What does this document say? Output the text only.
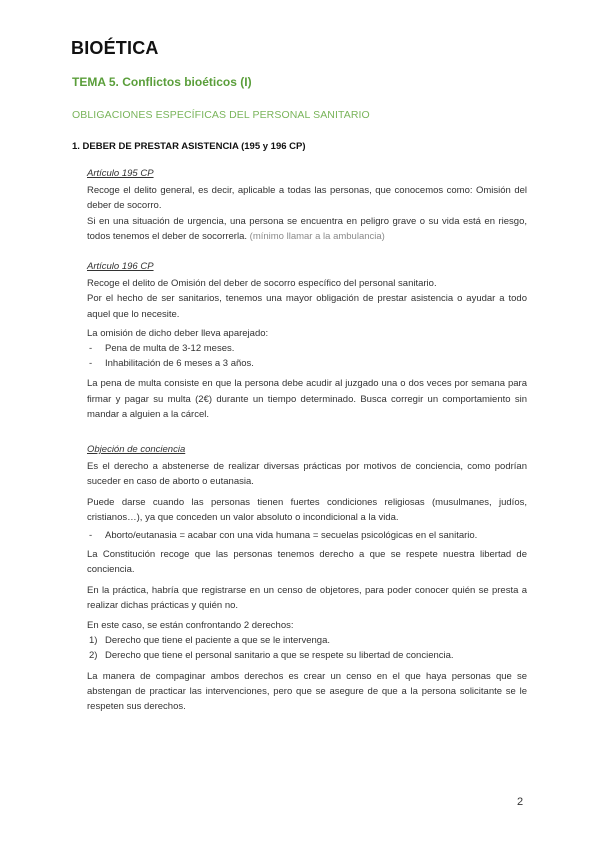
BIOÉTICA
TEMA 5. Conflictos bioéticos (I)
OBLIGACIONES ESPECÍFICAS DEL PERSONAL SANITARIO
1. DEBER DE PRESTAR ASISTENCIA (195 y 196 CP)

Artículo 195 CP

Recoge el delito general, es decir, aplicable a todas las personas, que conocemos como: Omisión del deber de socorro.

Si en una situación de urgencia, una persona se encuentra en peligro grave o su vida está en riesgo, todos tenemos el deber de socorrerla. (mínimo llamar a la ambulancia)

Artículo 196 CP

Recoge el delito de Omisión del deber de socorro específico del personal sanitario.

Por el hecho de ser sanitarios, tenemos una mayor obligación de prestar asistencia o ayudar a todo aquel que lo necesite.

La omisión de dicho deber lleva aparejado:

- Pena de multa de 3-12 meses.
- Inhabilitación de 6 meses a 3 años.

La pena de multa consiste en que la persona debe acudir al juzgado una o dos veces por semana para firmar y pagar su multa (2€) durante un tiempo determinado. Busca corregir un comportamiento sin mandar a alguien a la cárcel.

Objeción de conciencia

Es el derecho a abstenerse de realizar diversas prácticas por motivos de conciencia, como podrían suceder en caso de aborto o eutanasia.

Puede darse cuando las personas tienen fuertes condiciones religiosas (musulmanes, judíos, cristianos…), ya que conceden un valor absoluto o incondicional a la vida.

- Aborto/eutanasia = acabar con una vida humana = secuelas psicológicas en el sanitario.

La Constitución recoge que las personas tenemos derecho a que se respete nuestra libertad de conciencia.

En la práctica, habría que registrarse en un censo de objetores, para poder conocer quién se presta a realizar dichas prácticas y quién no.

En este caso, se están confrontando 2 derechos:

1) Derecho que tiene el paciente a que se le intervenga.
2) Derecho que tiene el personal sanitario a que se respete su libertad de conciencia.

La manera de compaginar ambos derechos es crear un censo en el que haya personas que se abstengan de practicar las intervenciones, pero que se asegure de que a la persona solicitante se le respeten sus derechos.

2
